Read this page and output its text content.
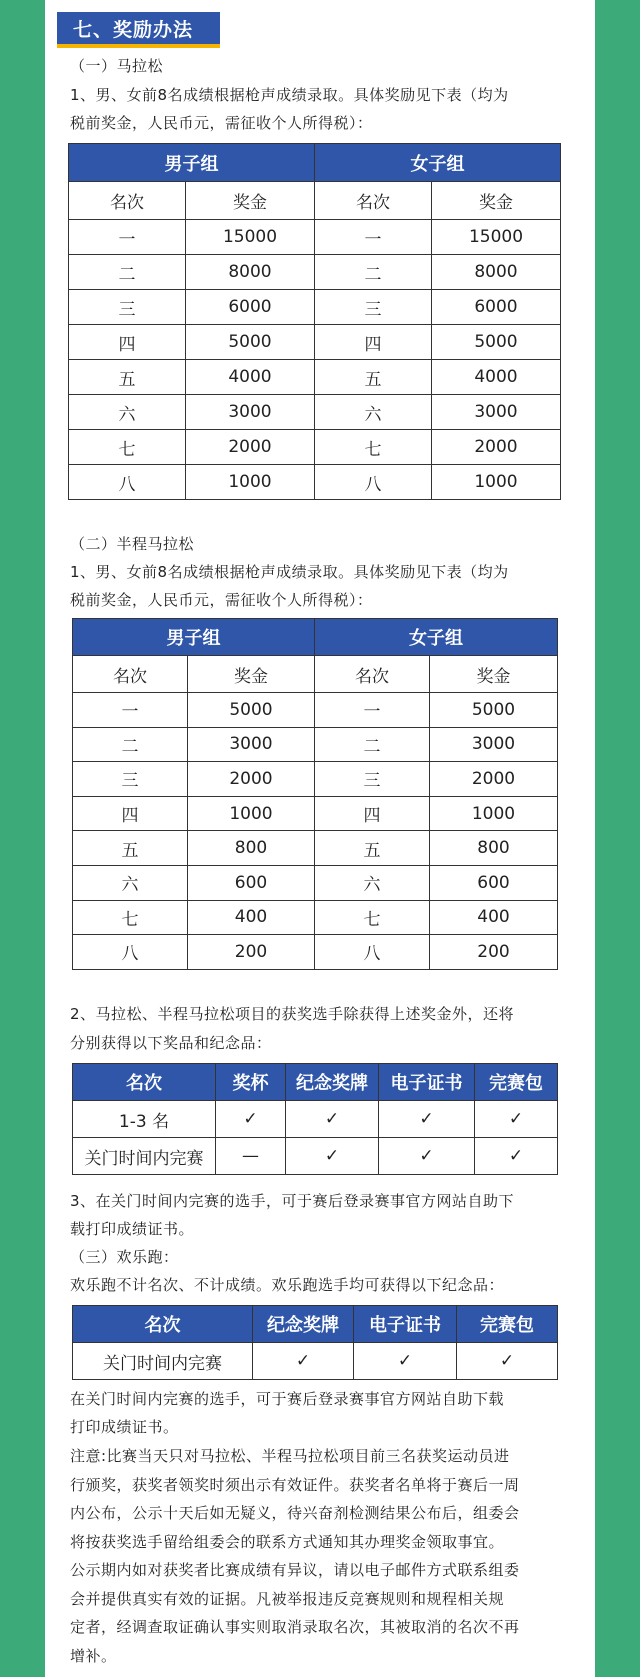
七、奖励办法
（一）马拉松
1、男、女前8名成绩根据枪声成绩录取。具体奖励见下表（均为
税前奖金，人民币元，需征收个人所得税）：
男子组		女子组	
名次	奖金	名次	奖金
一	15000	一	15000
二	8000	二	8000
三	6000	三	6000
四	5000	四	5000
五	4000	五	4000
六	3000	六	3000
七	2000	七	2000
八	1000	八	1000
（二）半程马拉松
1、男、女前8名成绩根据枪声成绩录取。具体奖励见下表（均为
税前奖金，人民币元，需征收个人所得税）：
男子组		女子组	
名次	奖金	名次	奖金
一	5000	一	5000
二	3000	二	3000
三	2000	三	2000
四	1000	四	1000
五	800	五	800
六	600	六	600
七	400	七	400
八	200	八	200
2、马拉松、半程马拉松项目的获奖选手除获得上述奖金外，还将
分别获得以下奖品和纪念品：
名次	奖杯	纪念奖牌	电子证书	完赛包
1-3 名	✓	✓	✓	✓
关门时间内完赛	—	✓	✓	✓
3、在关门时间内完赛的选手，可于赛后登录赛事官方网站自助下
载打印成绩证书。
（三）欢乐跑：
欢乐跑不计名次、不计成绩。欢乐跑选手均可获得以下纪念品：
名次	纪念奖牌	电子证书	完赛包
关门时间内完赛	✓	✓	✓
在关门时间内完赛的选手，可于赛后登录赛事官方网站自助下载
打印成绩证书。
注意:比赛当天只对马拉松、半程马拉松项目前三名获奖运动员进
行颁奖，获奖者领奖时须出示有效证件。获奖者名单将于赛后一周
内公布，公示十天后如无疑义，待兴奋剂检测结果公布后，组委会
将按获奖选手留给组委会的联系方式通知其办理奖金领取事宜。
公示期内如对获奖者比赛成绩有异议，请以电子邮件方式联系组委
会并提供真实有效的证据。凡被举报违反竞赛规则和规程相关规
定者，经调查取证确认事实则取消录取名次，其被取消的名次不再
增补。
